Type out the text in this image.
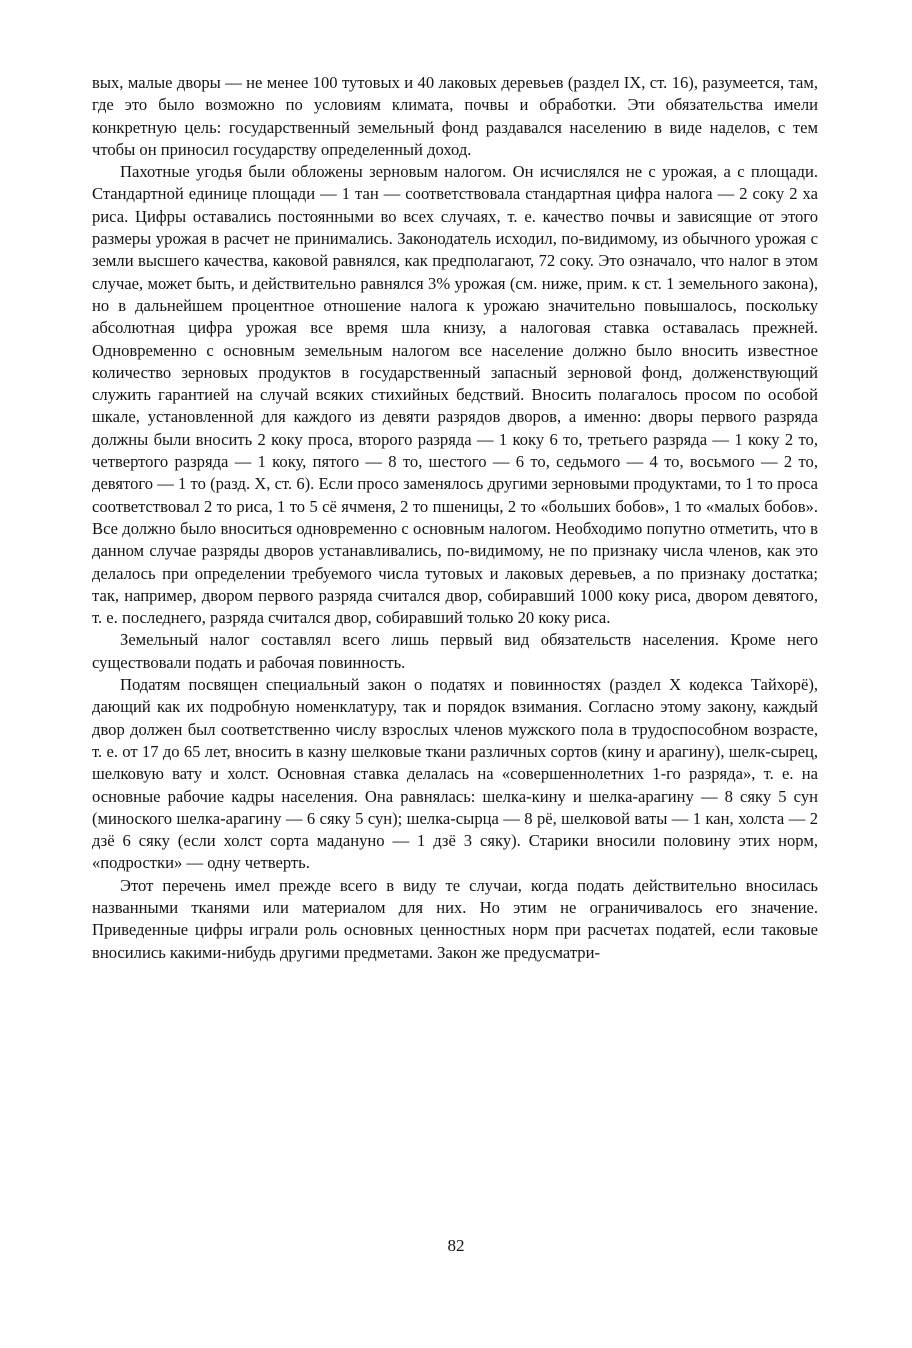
вых, малые дворы — не менее 100 тутовых и 40 лаковых деревьев (раздел IX, ст. 16), разумеется, там, где это было возможно по условиям климата, почвы и обработки. Эти обязательства имели конкретную цель: государственный земельный фонд раздавался населению в виде наделов, с тем чтобы он приносил государству определенный доход.

Пахотные угодья были обложены зерновым налогом. Он исчислялся не с урожая, а с площади. Стандартной единице площади — 1 тан — соответствовала стандартная цифра налога — 2 соку 2 ха риса. Цифры оставались постоянными во всех случаях, т. е. качество почвы и зависящие от этого размеры урожая в расчет не принимались. Законодатель исходил, по-видимому, из обычного урожая с земли высшего качества, каковой равнялся, как предполагают, 72 соку. Это означало, что налог в этом случае, может быть, и действительно равнялся 3% урожая (см. ниже, прим. к ст. 1 земельного закона), но в дальнейшем процентное отношение налога к урожаю значительно повышалось, поскольку абсолютная цифра урожая все время шла книзу, а налоговая ставка оставалась прежней. Одновременно с основным земельным налогом все население должно было вносить известное количество зерновых продуктов в государственный запасный зерновой фонд, долженствующий служить гарантией на случай всяких стихийных бедствий. Вносить полагалось просом по особой шкале, установленной для каждого из девяти разрядов дворов, а именно: дворы первого разряда должны были вносить 2 коку проса, второго разряда — 1 коку 6 то, третьего разряда — 1 коку 2 то, четвертого разряда — 1 коку, пятого — 8 то, шестого — 6 то, седьмого — 4 то, восьмого — 2 то, девятого — 1 то (разд. X, ст. 6). Если просо заменялось другими зерновыми продуктами, то 1 то проса соответствовал 2 то риса, 1 то 5 сё ячменя, 2 то пшеницы, 2 то «больших бобов», 1 то «малых бобов». Все должно было вноситься одновременно с основным налогом. Необходимо попутно отметить, что в данном случае разряды дворов устанавливались, по-видимому, не по признаку числа членов, как это делалось при определении требуемого числа тутовых и лаковых деревьев, а по признаку достатка; так, например, двором первого разряда считался двор, собиравший 1000 коку риса, двором девятого, т. е. последнего, разряда считался двор, собиравший только 20 коку риса.

Земельный налог составлял всего лишь первый вид обязательств населения. Кроме него существовали подать и рабочая повинность.

Податям посвящен специальный закон о податях и повинностях (раздел X кодекса Тайхорё), дающий как их подробную номенклатуру, так и порядок взимания. Согласно этому закону, каждый двор должен был соответственно числу взрослых членов мужского пола в трудоспособном возрасте, т. е. от 17 до 65 лет, вносить в казну шелковые ткани различных сортов (кину и арагину), шелк-сырец, шелковую вату и холст. Основная ставка делалась на «совершеннолетних 1-го разряда», т. е. на основные рабочие кадры населения. Она равнялась: шелка-кину и шелка-арагину — 8 сяку 5 сун (миноского шелка-арагину — 6 сяку 5 сун); шелка-сырца — 8 рё, шелковой ваты — 1 кан, холста — 2 дзё 6 сяку (если холст сорта мадануно — 1 дзё 3 сяку). Старики вносили половину этих норм, «подростки» — одну четверть.

Этот перечень имел прежде всего в виду те случаи, когда подать действительно вносилась названными тканями или материалом для них. Но этим не ограничивалось его значение. Приведенные цифры играли роль основных ценностных норм при расчетах податей, если таковые вносились какими-нибудь другими предметами. Закон же предусматри-

82
